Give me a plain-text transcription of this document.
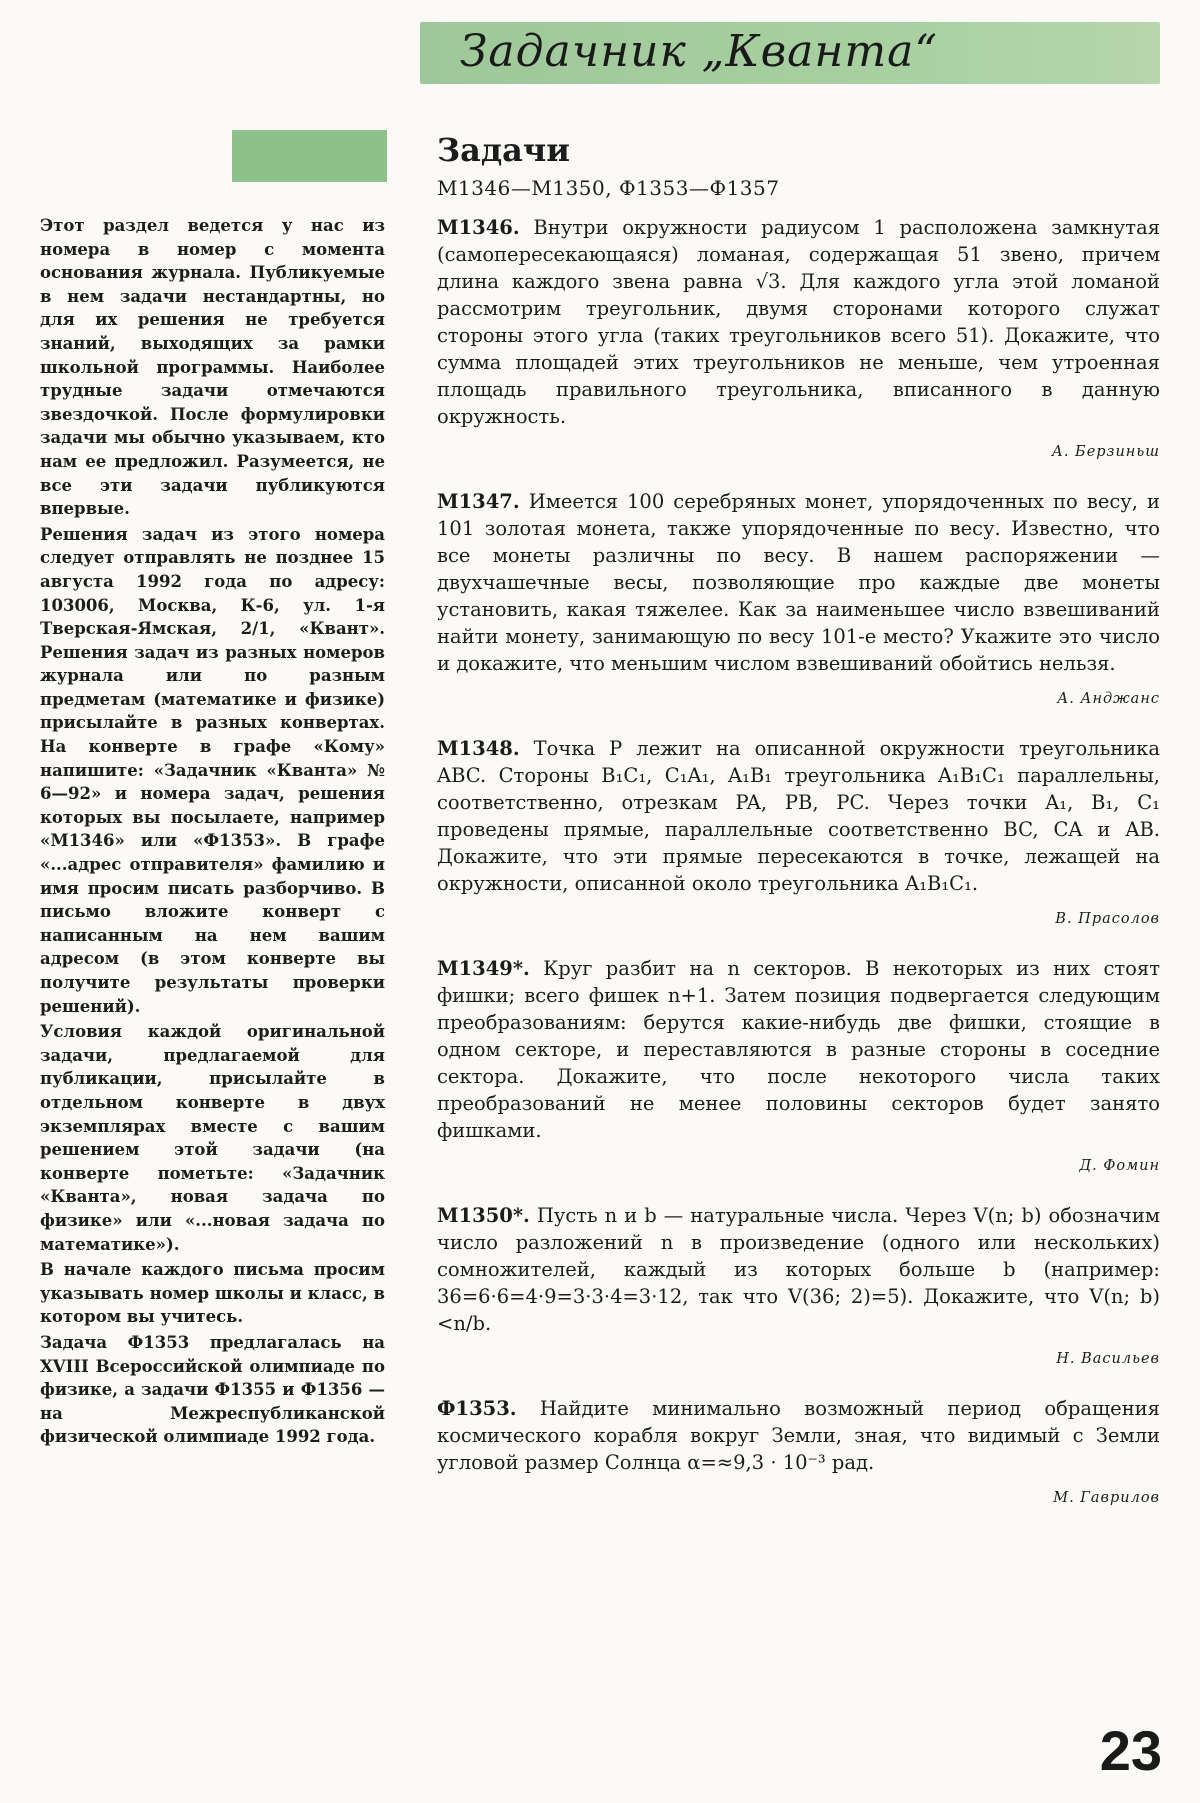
Задачник „Кванта“

Этот раздел ведется у нас из номера в номер с момента основания журнала. Публикуемые в нем задачи нестандартны, но для их решения не требуется знаний, выходящих за рамки школьной программы. Наиболее трудные задачи отмечаются звездочкой. После формулировки задачи мы обычно указываем, кто нам ее предложил. Разумеется, не все эти задачи публикуются впервые.

Решения задач из этого номера следует отправлять не позднее 15 августа 1992 года по адресу: 103006, Москва, К-6, ул. 1-я Тверская-Ямская, 2/1, «Квант». Решения задач из разных номеров журнала или по разным предметам (математике и физике) присылайте в разных конвертах. На конверте в графе «Кому» напишите: «Задачник «Кванта» № 6—92» и номера задач, решения которых вы посылаете, например «М1346» или «Ф1353». В графе «...адрес отправителя» фамилию и имя просим писать разборчиво. В письмо вложите конверт с написанным на нем вашим адресом (в этом конверте вы получите результаты проверки решений).

Условия каждой оригинальной задачи, предлагаемой для публикации, присылайте в отдельном конверте в двух экземплярах вместе с вашим решением этой задачи (на конверте пометьте: «Задачник «Кванта», новая задача по физике» или «...новая задача по математике»).

В начале каждого письма просим указывать номер школы и класс, в котором вы учитесь.

Задача Ф1353 предлагалась на XVIII Всероссийской олимпиаде по физике, а задачи Ф1355 и Ф1356 — на Межреспубликанской физической олимпиаде 1992 года.

Задачи
М1346—М1350, Ф1353—Ф1357

М1346. Внутри окружности радиусом 1 расположена замкнутая (самопересекающаяся) ломаная, содержащая 51 звено, причем длина каждого звена равна √3. Для каждого угла этой ломаной рассмотрим треугольник, двумя сторонами которого служат стороны этого угла (таких треугольников всего 51). Докажите, что сумма площадей этих треугольников не меньше, чем утроенная площадь правильного треугольника, вписанного в данную окружность.

А. Берзиньш

М1347. Имеется 100 серебряных монет, упорядоченных по весу, и 101 золотая монета, также упорядоченные по весу. Известно, что все монеты различны по весу. В нашем распоряжении — двухчашечные весы, позволяющие про каждые две монеты установить, какая тяжелее. Как за наименьшее число взвешиваний найти монету, занимающую по весу 101-е место? Укажите это число и докажите, что меньшим числом взвешиваний обойтись нельзя.

А. Анджанс

М1348. Точка P лежит на описанной окружности треугольника ABC. Стороны B₁C₁, C₁A₁, A₁B₁ треугольника A₁B₁C₁ параллельны, соответственно, отрезкам PA, PB, PC. Через точки A₁, B₁, C₁ проведены прямые, параллельные соответственно BC, CA и AB. Докажите, что эти прямые пересекаются в точке, лежащей на окружности, описанной около треугольника A₁B₁C₁.

В. Прасолов

М1349*. Круг разбит на n секторов. В некоторых из них стоят фишки; всего фишек n+1. Затем позиция подвергается следующим преобразованиям: берутся какие-нибудь две фишки, стоящие в одном секторе, и переставляются в разные стороны в соседние сектора. Докажите, что после некоторого числа таких преобразований не менее половины секторов будет занято фишками.

Д. Фомин

М1350*. Пусть n и b — натуральные числа. Через V(n; b) обозначим число разложений n в произведение (одного или нескольких) сомножителей, каждый из которых больше b (например: 36=6·6=4·9=3·3·4=3·12, так что V(36; 2)=5). Докажите, что V(n; b)<n/b.

Н. Васильев

Ф1353. Найдите минимально возможный период обращения космического корабля вокруг Земли, зная, что видимый с Земли угловой размер Солнца α=≈9,3 · 10⁻³ рад.

М. Гаврилов
23
